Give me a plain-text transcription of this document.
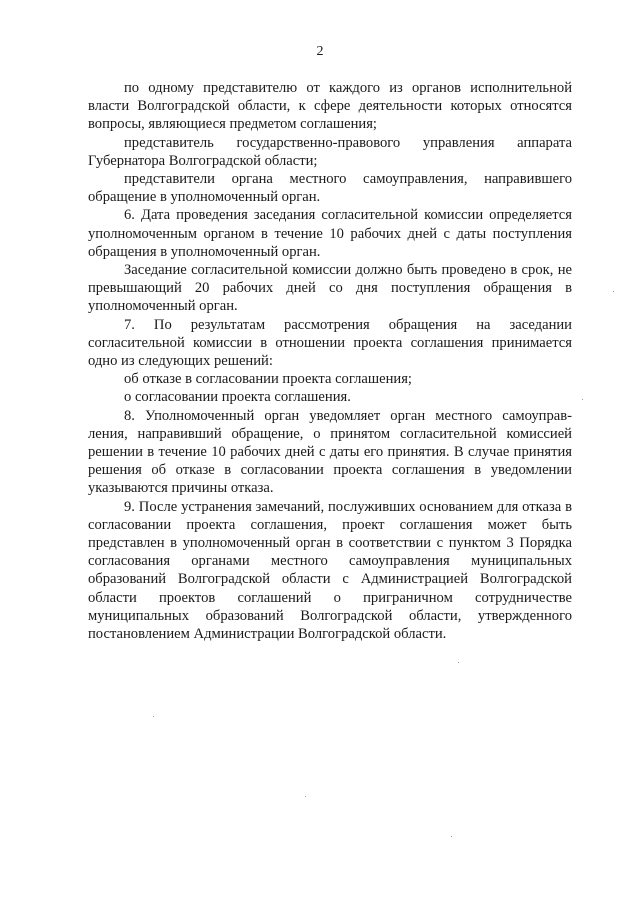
2

по одному представителю от каждого из органов исполнительной власти Волгоградской области, к сфере деятельности которых относятся вопросы, являющиеся предметом соглашения;

представитель государственно-правового управления аппарата Губернатора Волгоградской области;

представители органа местного самоуправления, направившего обращение в уполномоченный орган.

6. Дата проведения заседания согласительной комиссии определяется уполномоченным органом в течение 10 рабочих дней с даты поступления обращения в уполномоченный орган.

Заседание согласительной комиссии должно быть проведено в срок, не превышающий 20 рабочих дней со дня поступления обращения в уполномоченный орган.

7. По результатам рассмотрения обращения на заседании согласительной комиссии в отношении проекта соглашения принимается одно из следующих решений:

об отказе в согласовании проекта соглашения;

о согласовании проекта соглашения.

8. Уполномоченный орган уведомляет орган местного самоуправ-ления, направивший обращение, о принятом согласительной комиссией решении в течение 10 рабочих дней с даты его принятия. В случае принятия решения об отказе в согласовании проекта соглашения в уведомлении указываются причины отказа.

9. После устранения замечаний, послуживших основанием для отказа в согласовании проекта соглашения, проект соглашения может быть представлен в уполномоченный орган в соответствии с пунктом 3 Порядка согласования органами местного самоуправления муниципальных образований Волгоградской области с Администрацией Волгоградской области проектов соглашений о приграничном сотрудничестве муниципальных образований Волгоградской области, утвержденного постановлением Администрации Волгоградской области.
